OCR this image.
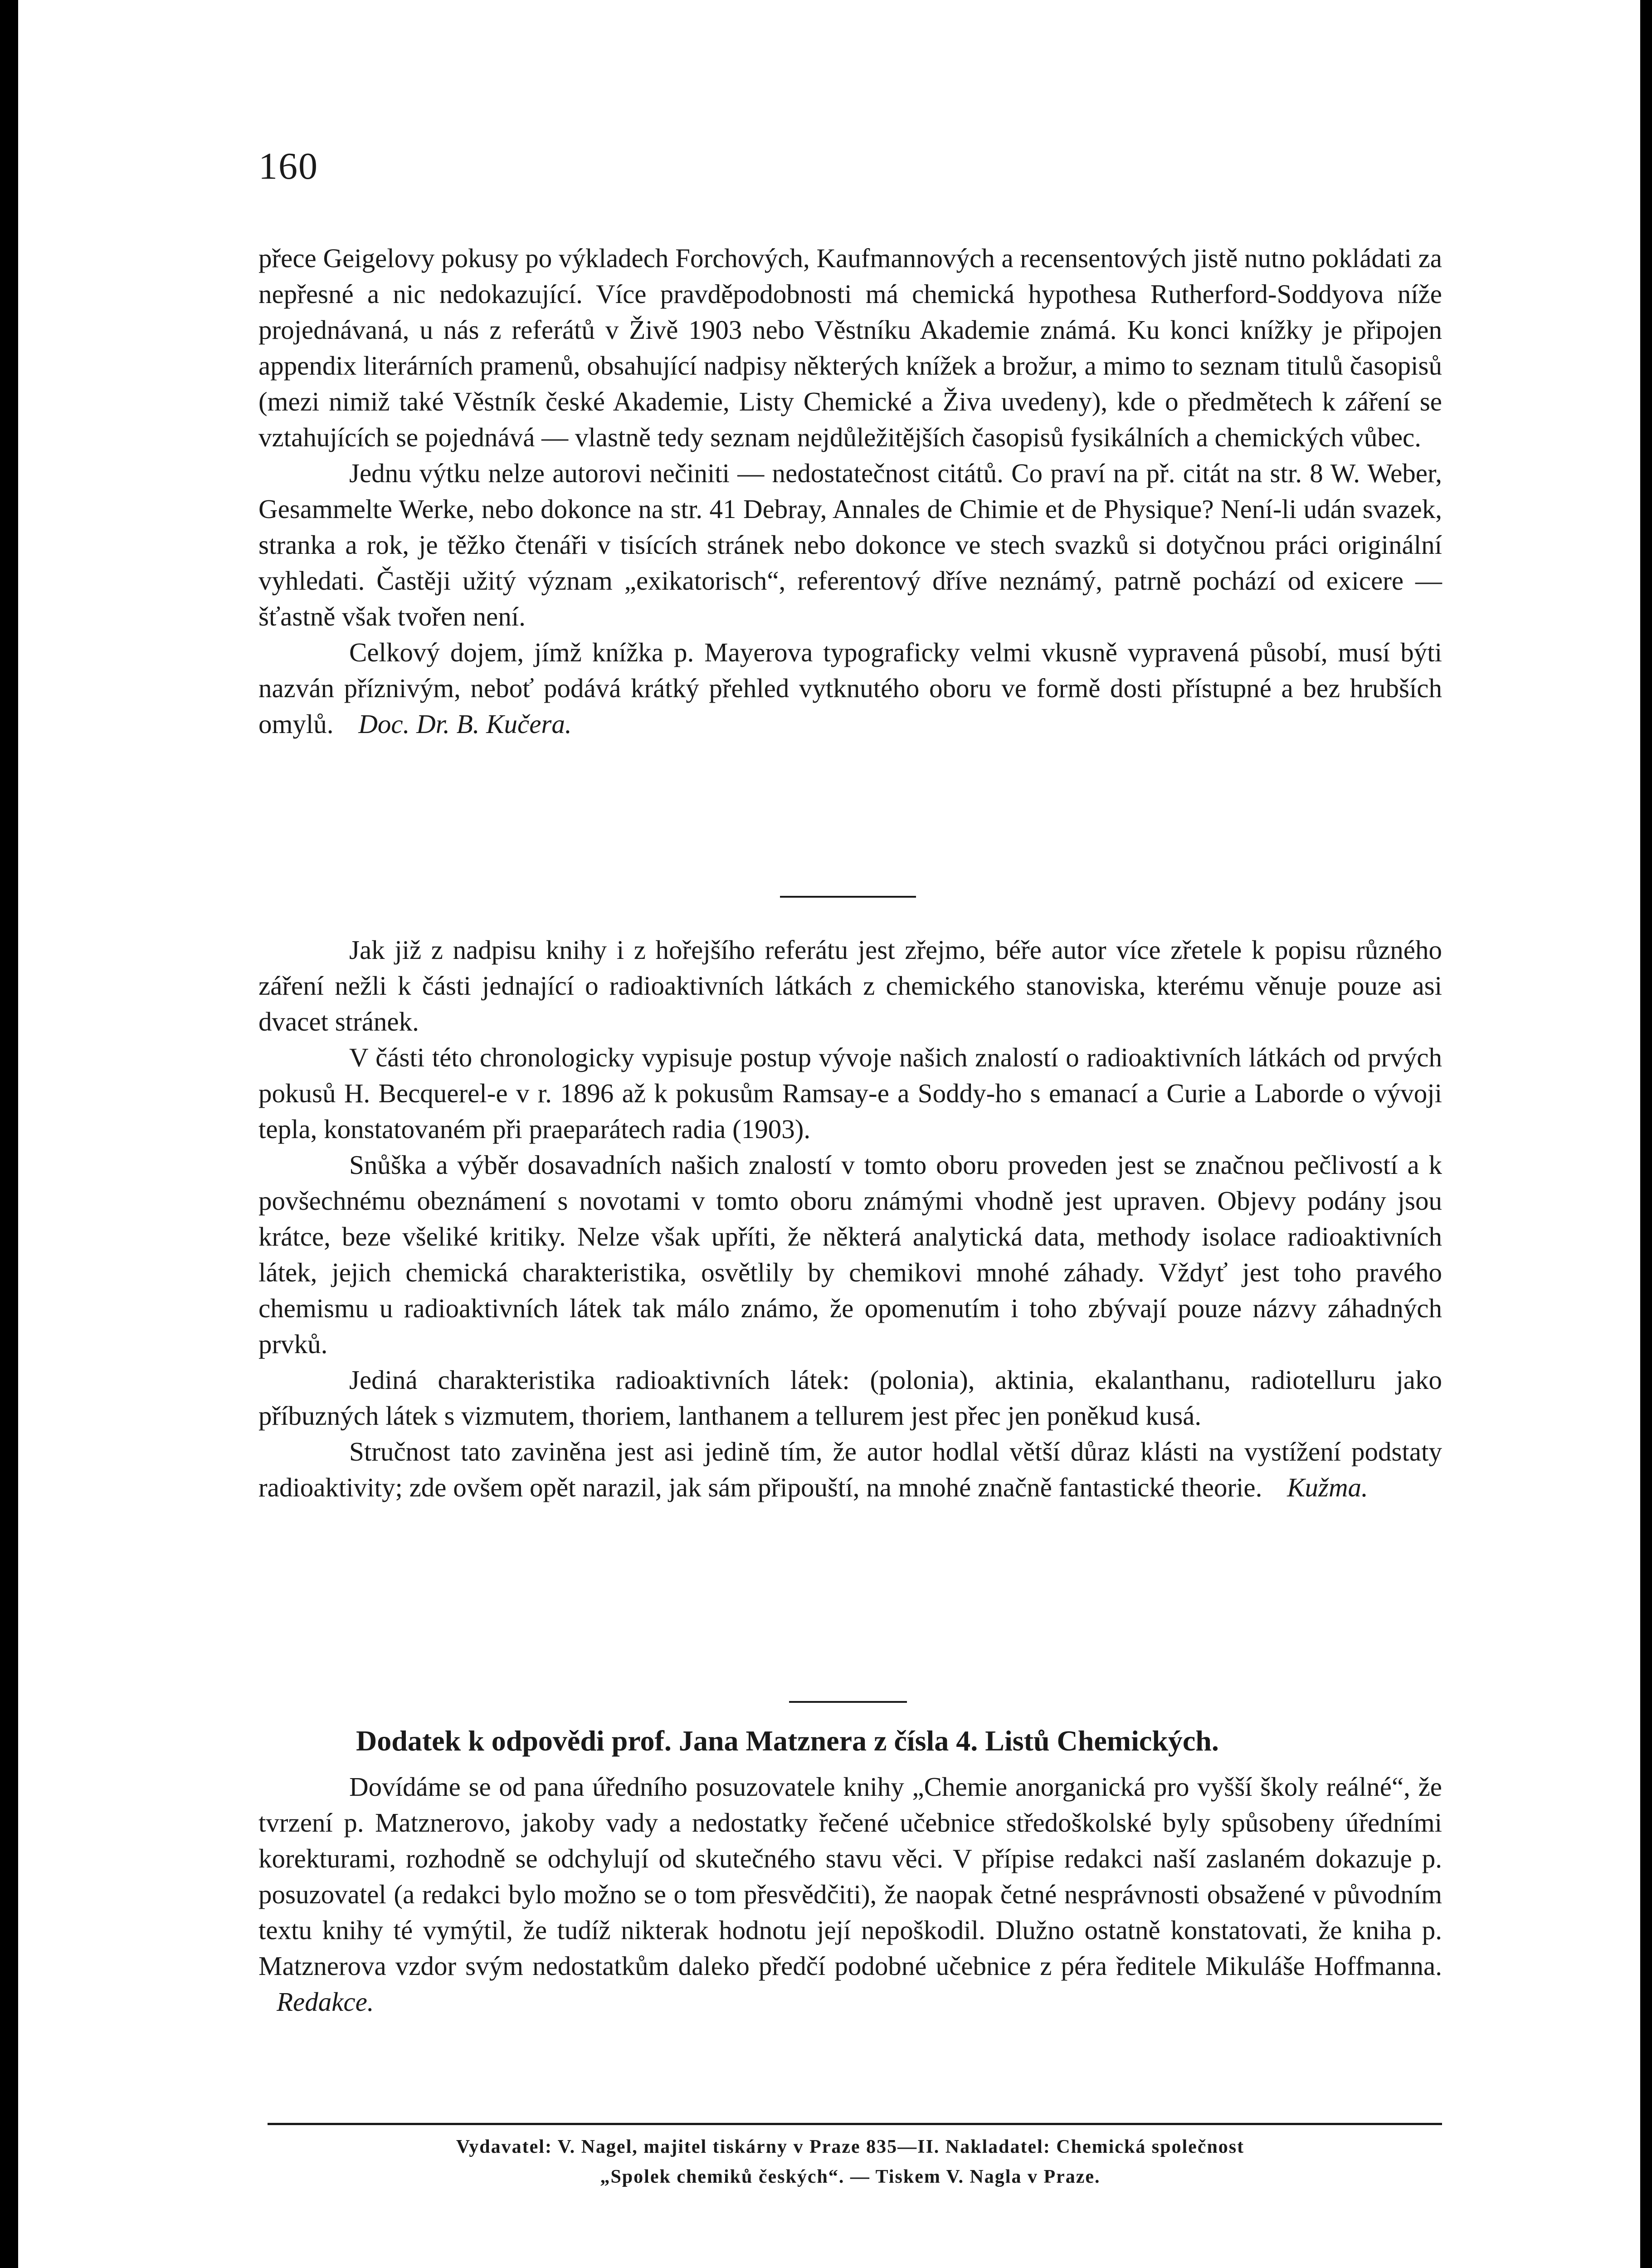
160

přece Geigelovy pokusy po výkladech Forchových, Kaufmannových a recensentových jistě nutno pokládati za nepřesné a nic nedokazující. Více pravděpodobnosti má chemická hypothesa Rutherford-Soddyova níže projednávaná, u nás z referátů v Živě 1903 nebo Věstníku Akademie známá. Ku konci knížky je připojen appendix literárních pramenů, obsahující nadpisy některých knížek a brožur, a mimo to seznam titulů časopisů (mezi nimiž také Věstník české Akademie, Listy Chemické a Živa uvedeny), kde o předmětech k záření se vztahujících se pojednává — vlastně tedy seznam nejdůležitějších časopisů fysikálních a chemických vůbec.

Jednu výtku nelze autorovi nečiniti — nedostatečnost citátů. Co praví na př. citát na str. 8 W. Weber, Gesammelte Werke, nebo dokonce na str. 41 Debray, Annales de Chimie et de Physique? Není-li udán svazek, stranka a rok, je těžko čtenáři v tisících stránek nebo dokonce ve stech svazků si dotyčnou práci originální vyhledati. Častěji užitý význam „exikatorisch“, referentový dříve neznámý, patrně pochází od exicere — šťastně však tvořen není.

Celkový dojem, jímž knížka p. Mayerova typograficky velmi vkusně vypravená působí, musí býti nazván příznivým, neboť podává krátký přehled vytknutého oboru ve formě dosti přístupné a bez hrubších omylů. Doc. Dr. B. Kučera.

Jak již z nadpisu knihy i z hořejšího referátu jest zřejmo, béře autor více zřetele k popisu různého záření nežli k části jednající o radioaktivních látkách z chemického stanoviska, kterému věnuje pouze asi dvacet stránek.

V části této chronologicky vypisuje postup vývoje našich znalostí o radioaktivních látkách od prvých pokusů H. Becquerel-e v r. 1896 až k pokusům Ramsay-e a Soddy-ho s emanací a Curie a Laborde o vývoji tepla, konstatovaném při praeparátech radia (1903).

Snůška a výběr dosavadních našich znalostí v tomto oboru proveden jest se značnou pečlivostí a k povšechnému obeznámení s novotami v tomto oboru známými vhodně jest upraven. Objevy podány jsou krátce, beze všeliké kritiky. Nelze však upříti, že některá analytická data, methody isolace radioaktivních látek, jejich chemická charakteristika, osvětlily by chemikovi mnohé záhady. Vždyť jest toho pravého chemismu u radioaktivních látek tak málo známo, že opomenutím i toho zbývají pouze názvy záhadných prvků.

Jediná charakteristika radioaktivních látek: (polonia), aktinia, ekalanthanu, radiotelluru jako příbuzných látek s vizmutem, thoriem, lanthanem a tellurem jest přec jen poněkud kusá.

Stručnost tato zaviněna jest asi jedině tím, že autor hodlal větší důraz klásti na vystížení podstaty radioaktivity; zde ovšem opět narazil, jak sám připouští, na mnohé značně fantastické theorie. Kužma.

Dodatek k odpovědi prof. Jana Matznera z čísla 4. Listů Chemických.

Dovídáme se od pana úředního posuzovatele knihy „Chemie anorganická pro vyšší školy reálné“, že tvrzení p. Matznerovo, jakoby vady a nedostatky řečené učebnice středoškolské byly spůsobeny úředními korekturami, rozhodně se odchylují od skutečného stavu věci. V přípise redakci naší zaslaném dokazuje p. posuzovatel (a redakci bylo možno se o tom přesvědčiti), že naopak četné nesprávnosti obsažené v původním textu knihy té vymýtil, že tudíž nikterak hodnotu její nepoškodil. Dlužno ostatně konstatovati, že kniha p. Matznerova vzdor svým nedostatkům daleko předčí podobné učebnice z péra ředitele Mikuláše Hoffmanna. Redakce.

Vydavatel: V. Nagel, majitel tiskárny v Praze 835—II. Nakladatel: Chemická společnost

„Spolek chemiků českých“. — Tiskem V. Nagla v Praze.
